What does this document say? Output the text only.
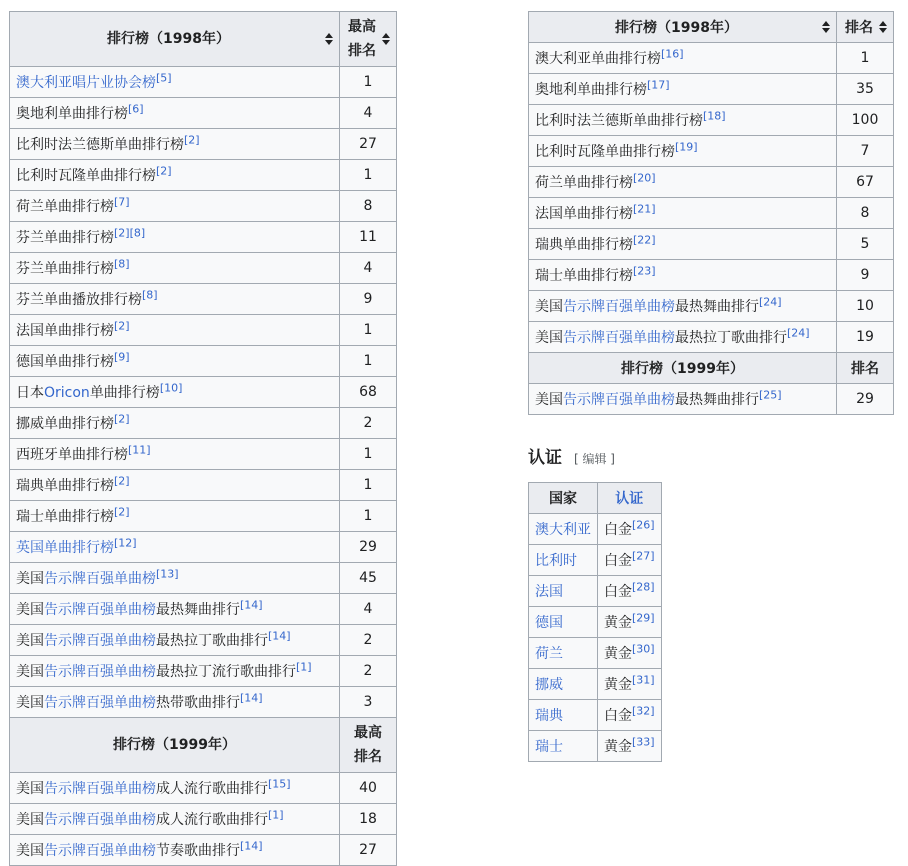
排行榜（1998年）	最高
排名
澳大利亚唱片业协会榜[5]	1
奥地利单曲排行榜[6]	4
比利时法兰德斯单曲排行榜[2]	27
比利时瓦隆单曲排行榜[2]	1
荷兰单曲排行榜[7]	8
芬兰单曲排行榜[2][8]	11
芬兰单曲排行榜[8]	4
芬兰单曲播放排行榜[8]	9
法国单曲排行榜[2]	1
德国单曲排行榜[9]	1
日本Oricon单曲排行榜[10]	68
挪威单曲排行榜[2]	2
西班牙单曲排行榜[11]	1
瑞典单曲排行榜[2]	1
瑞士单曲排行榜[2]	1
英国单曲排行榜[12]	29
美国告示牌百强单曲榜[13]	45
美国告示牌百强单曲榜最热舞曲排行[14]	4
美国告示牌百强单曲榜最热拉丁歌曲排行[14]	2
美国告示牌百强单曲榜最热拉丁流行歌曲排行[1]	2
美国告示牌百强单曲榜热带歌曲排行[14]	3
排行榜（1999年）	最高
排名
美国告示牌百强单曲榜成人流行歌曲排行[15]	40
美国告示牌百强单曲榜成人流行歌曲排行[1]	18
美国告示牌百强单曲榜节奏歌曲排行[14]	27
排行榜（1998年）	排名
澳大利亚单曲排行榜[16]	1
奥地利单曲排行榜[17]	35
比利时法兰德斯单曲排行榜[18]	100
比利时瓦隆单曲排行榜[19]	7
荷兰单曲排行榜[20]	67
法国单曲排行榜[21]	8
瑞典单曲排行榜[22]	5
瑞士单曲排行榜[23]	9
美国告示牌百强单曲榜最热舞曲排行[24]	10
美国告示牌百强单曲榜最热拉丁歌曲排行[24]	19
排行榜（1999年）	排名
美国告示牌百强单曲榜最热舞曲排行[25]	29
认证 [ 编辑 ]
国家	认证
澳大利亚	白金[26]
比利时	白金[27]
法国	白金[28]
德国	黄金[29]
荷兰	黄金[30]
挪威	黄金[31]
瑞典	白金[32]
瑞士	黄金[33]
